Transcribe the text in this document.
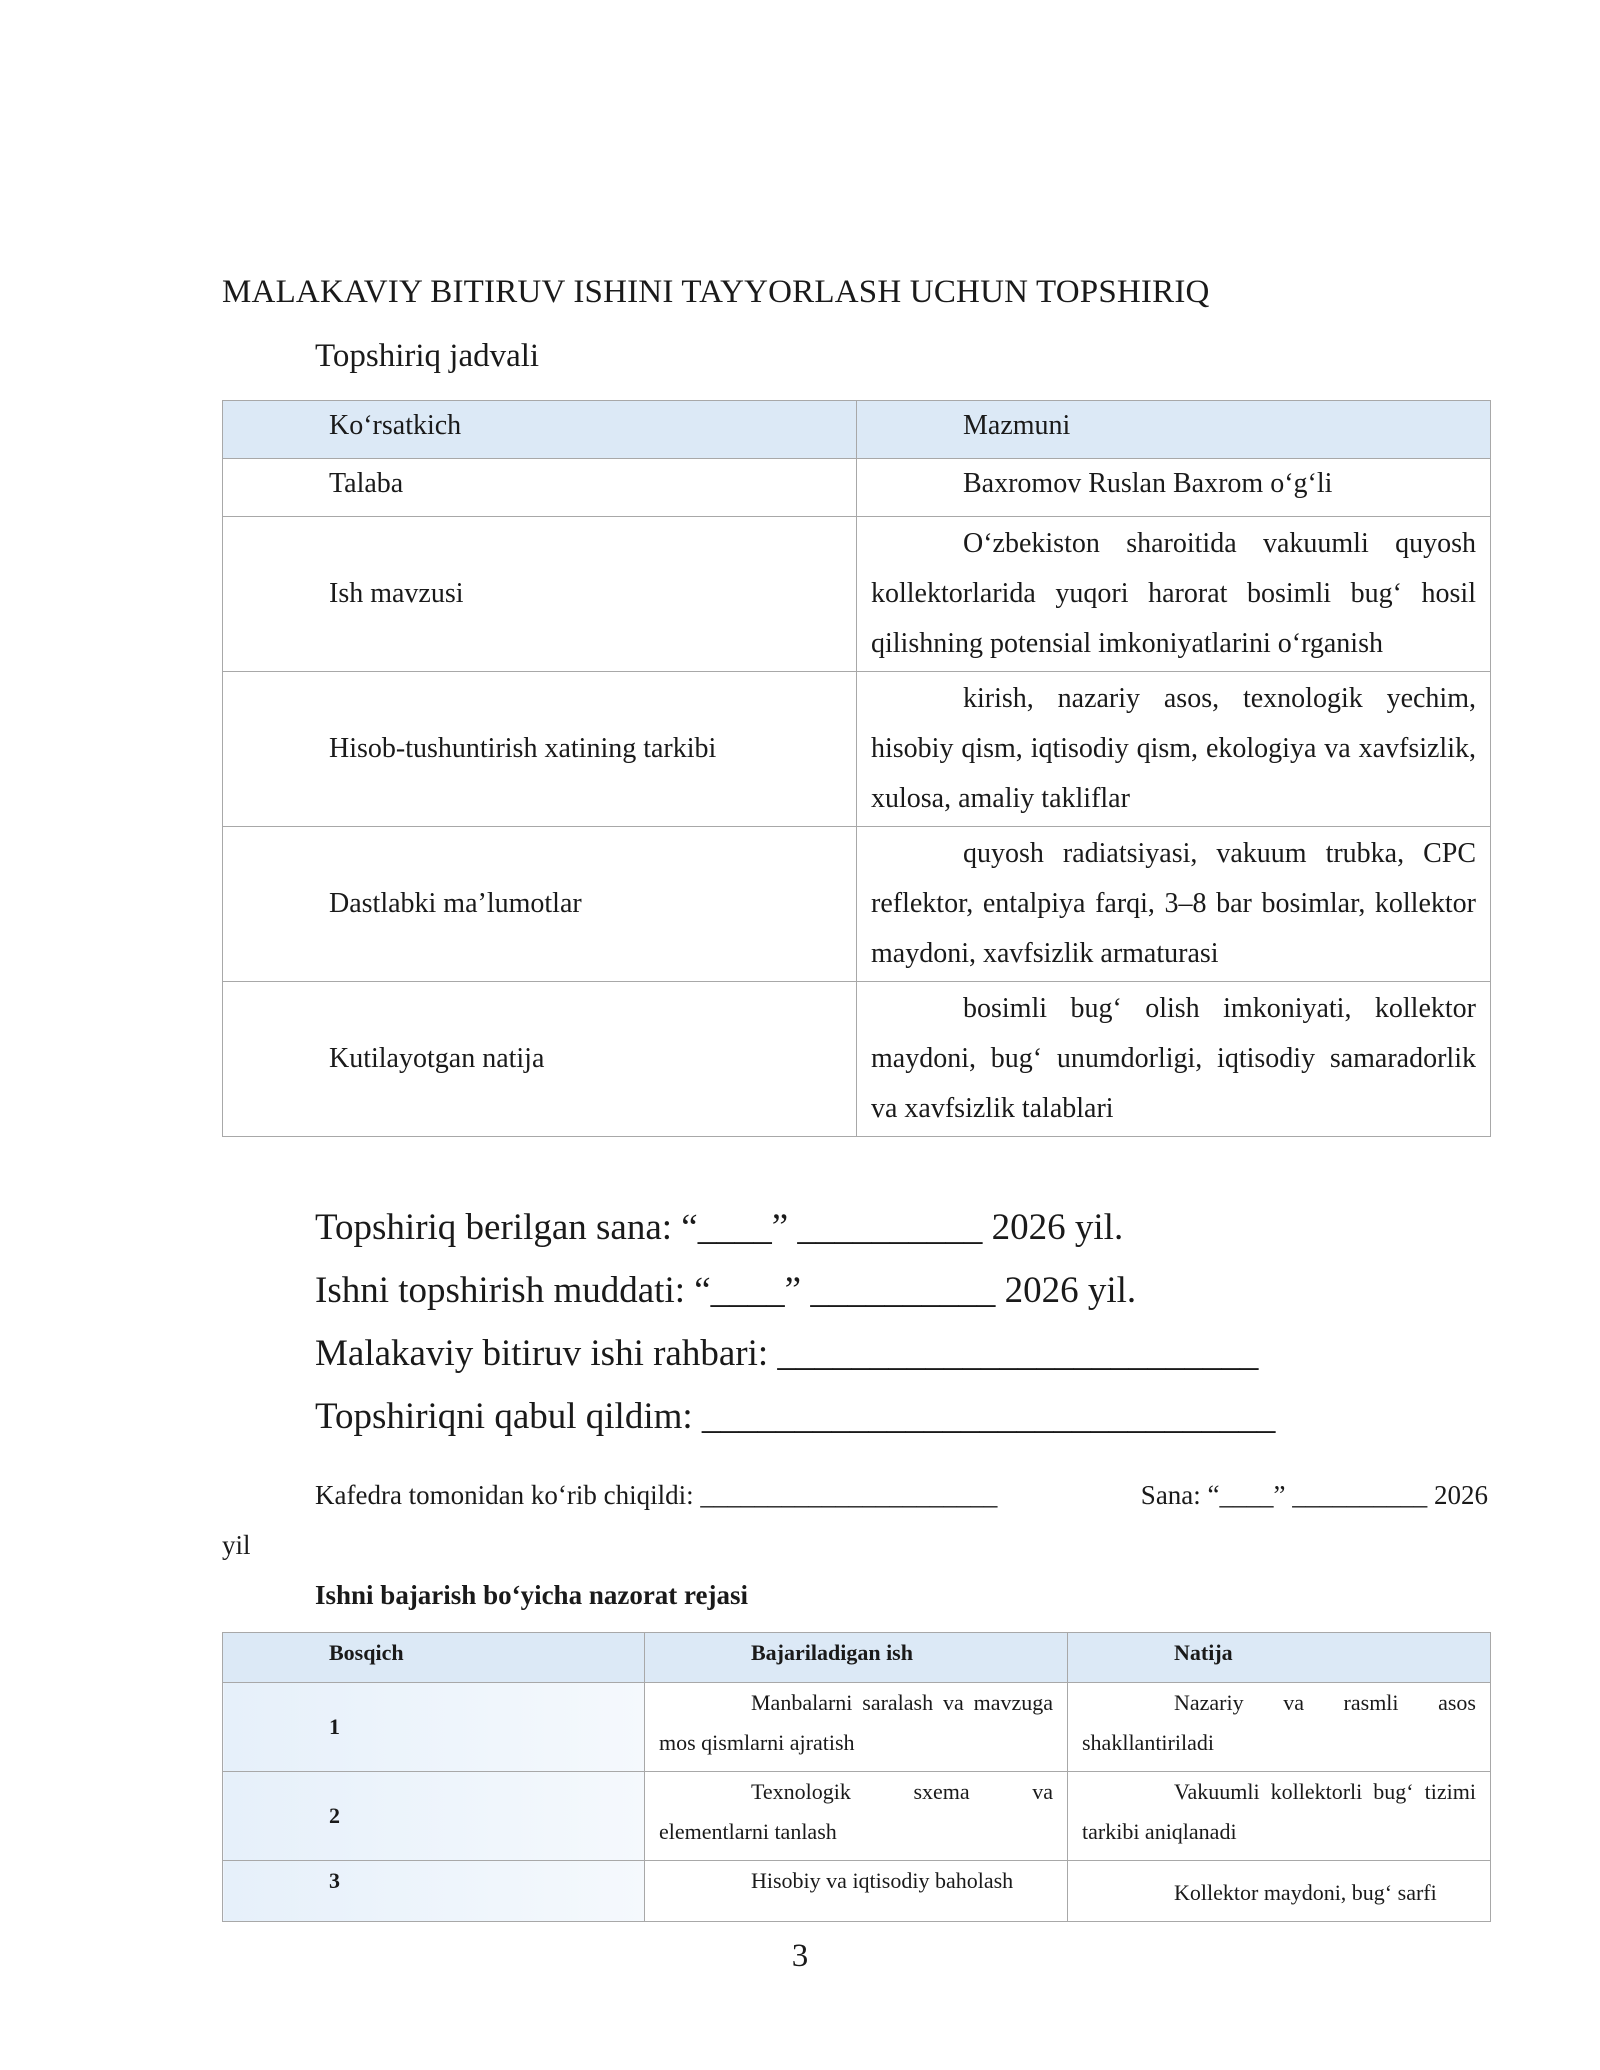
MALAKAVIY BITIRUV ISHINI TAYYORLASH UCHUN TOPSHIRIQ
Topshiriq jadvali
Ko‘rsatkich	Mazmuni
Talaba	Baxromov Ruslan Baxrom o‘g‘li
Ish mavzusi	O‘zbekiston sharoitida vakuumli quyosh kollektorlarida yuqori harorat bosimli bug‘ hosil qilishning potensial imkoniyatlarini o‘rganish
Hisob-tushuntirish xatining tarkibi	kirish, nazariy asos, texnologik yechim, hisobiy qism, iqtisodiy qism, ekologiya va xavfsizlik, xulosa, amaliy takliflar
Dastlabki ma’lumotlar	quyosh radiatsiyasi, vakuum trubka, CPC reflektor, entalpiya farqi, 3–8 bar bosimlar, kollektor maydoni, xavfsizlik armaturasi
Kutilayotgan natija	bosimli bug‘ olish imkoniyati, kollektor maydoni, bug‘ unumdorligi, iqtisodiy samaradorlik va xavfsizlik talablari
Topshiriq berilgan sana: “____” __________ 2026 yil.
Ishni topshirish muddati: “____” __________ 2026 yil.
Malakaviy bitiruv ishi rahbari: __________________________
Topshiriqni qabul qildim: _______________________________
Kafedra tomonidan ko‘rib chiqildi: ______________________	Sana: “____” __________ 2026
yil
Ishni bajarish bo‘yicha nazorat rejasi
Bosqich	Bajariladigan ish	Natija
1	Manbalarni saralash va mavzuga mos qismlarni ajratish	Nazariy va rasmli asos shakllantiriladi
2	Texnologik sxema va elementlarni tanlash	Vakuumli kollektorli bug‘ tizimi tarkibi aniqlanadi
3	Hisobiy va iqtisodiy baholash	Kollektor maydoni, bug‘ sarfi
3
